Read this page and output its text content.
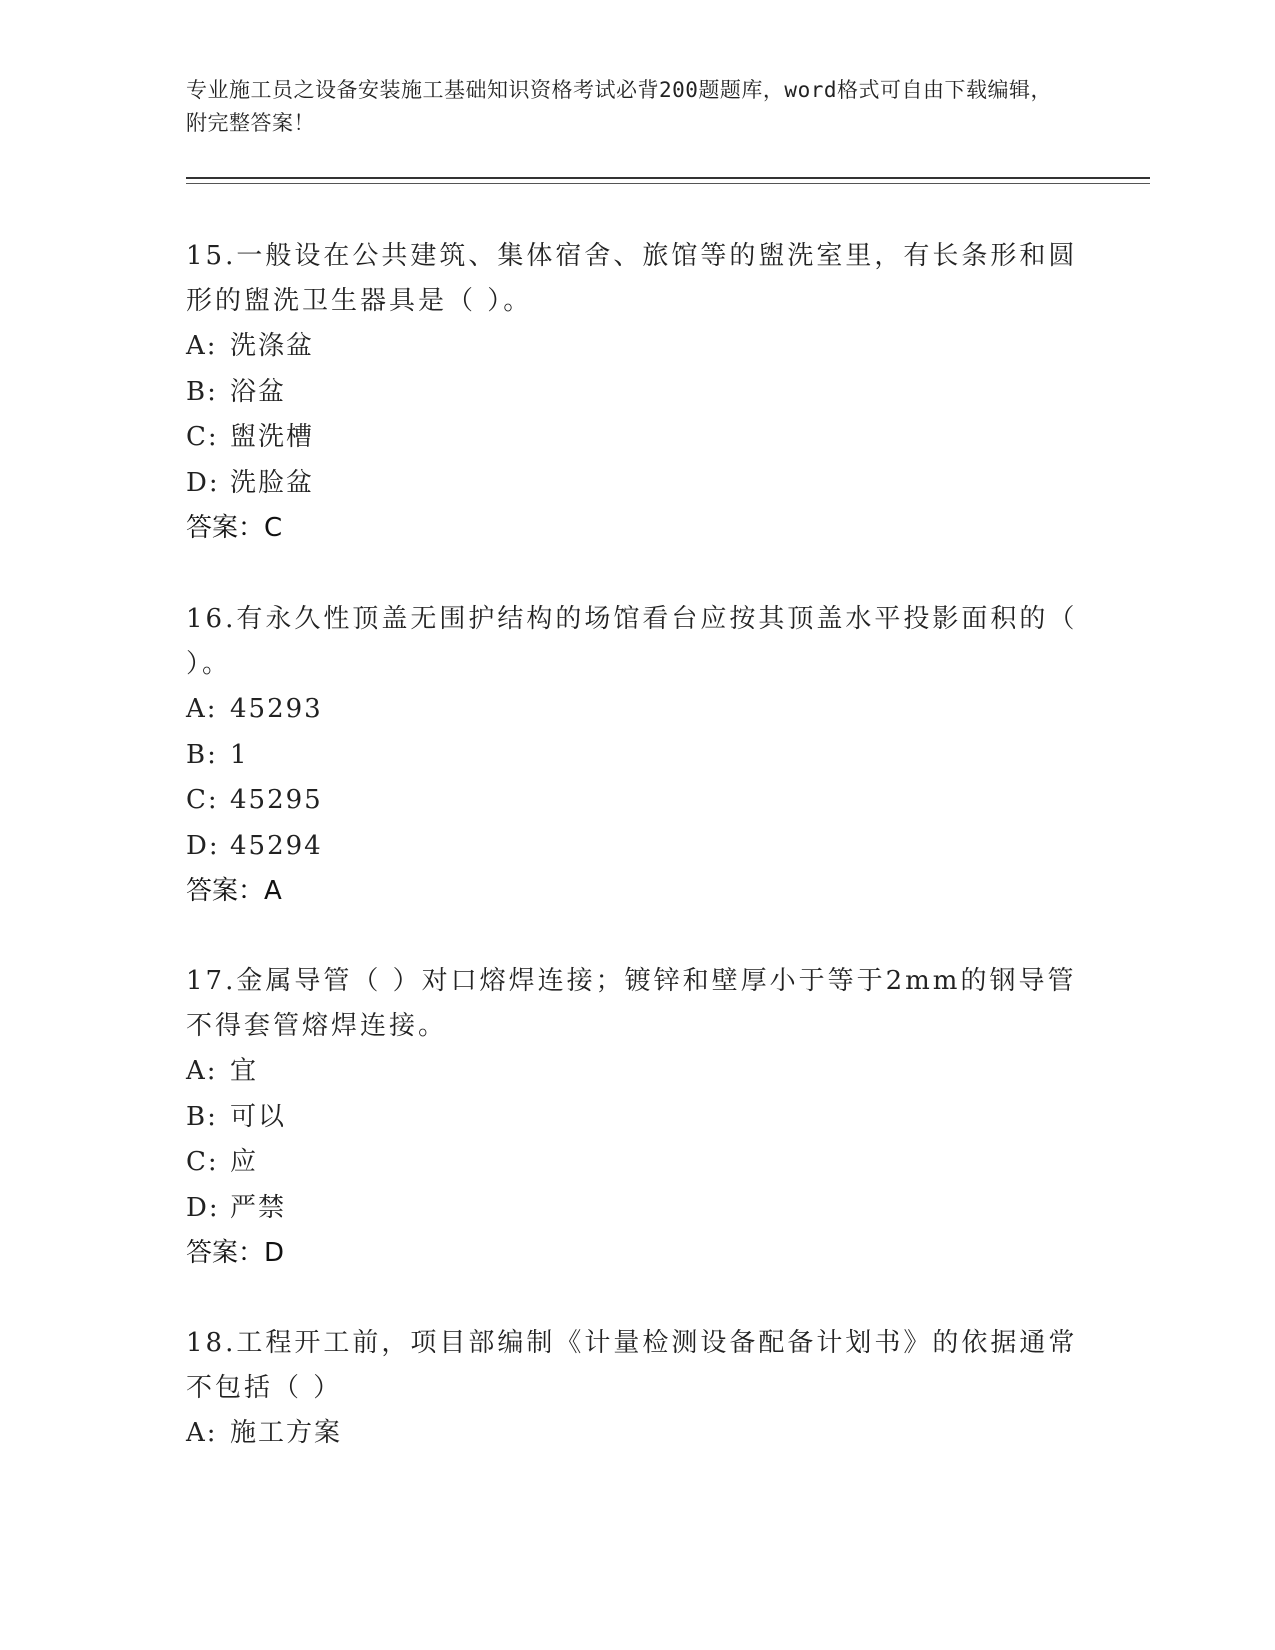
专业施工员之设备安装施工基础知识资格考试必背200题题库，word格式可自由下载编辑，附完整答案！

15.一般设在公共建筑、集体宿舍、旅馆等的盥洗室里，有长条形和圆形的盥洗卫生器具是（ ）。

A: 洗涤盆

B: 浴盆

C: 盥洗槽

D: 洗脸盆

答案：C

16.有永久性顶盖无围护结构的场馆看台应按其顶盖水平投影面积的（ ）。

A: 45293

B: 1

C: 45295

D: 45294

答案：A

17.金属导管（ ）对口熔焊连接；镀锌和壁厚小于等于2mm的钢导管不得套管熔焊连接。

A: 宜

B: 可以

C: 应

D: 严禁

答案：D

18.工程开工前，项目部编制《计量检测设备配备计划书》的依据通常不包括（ ）

A: 施工方案
